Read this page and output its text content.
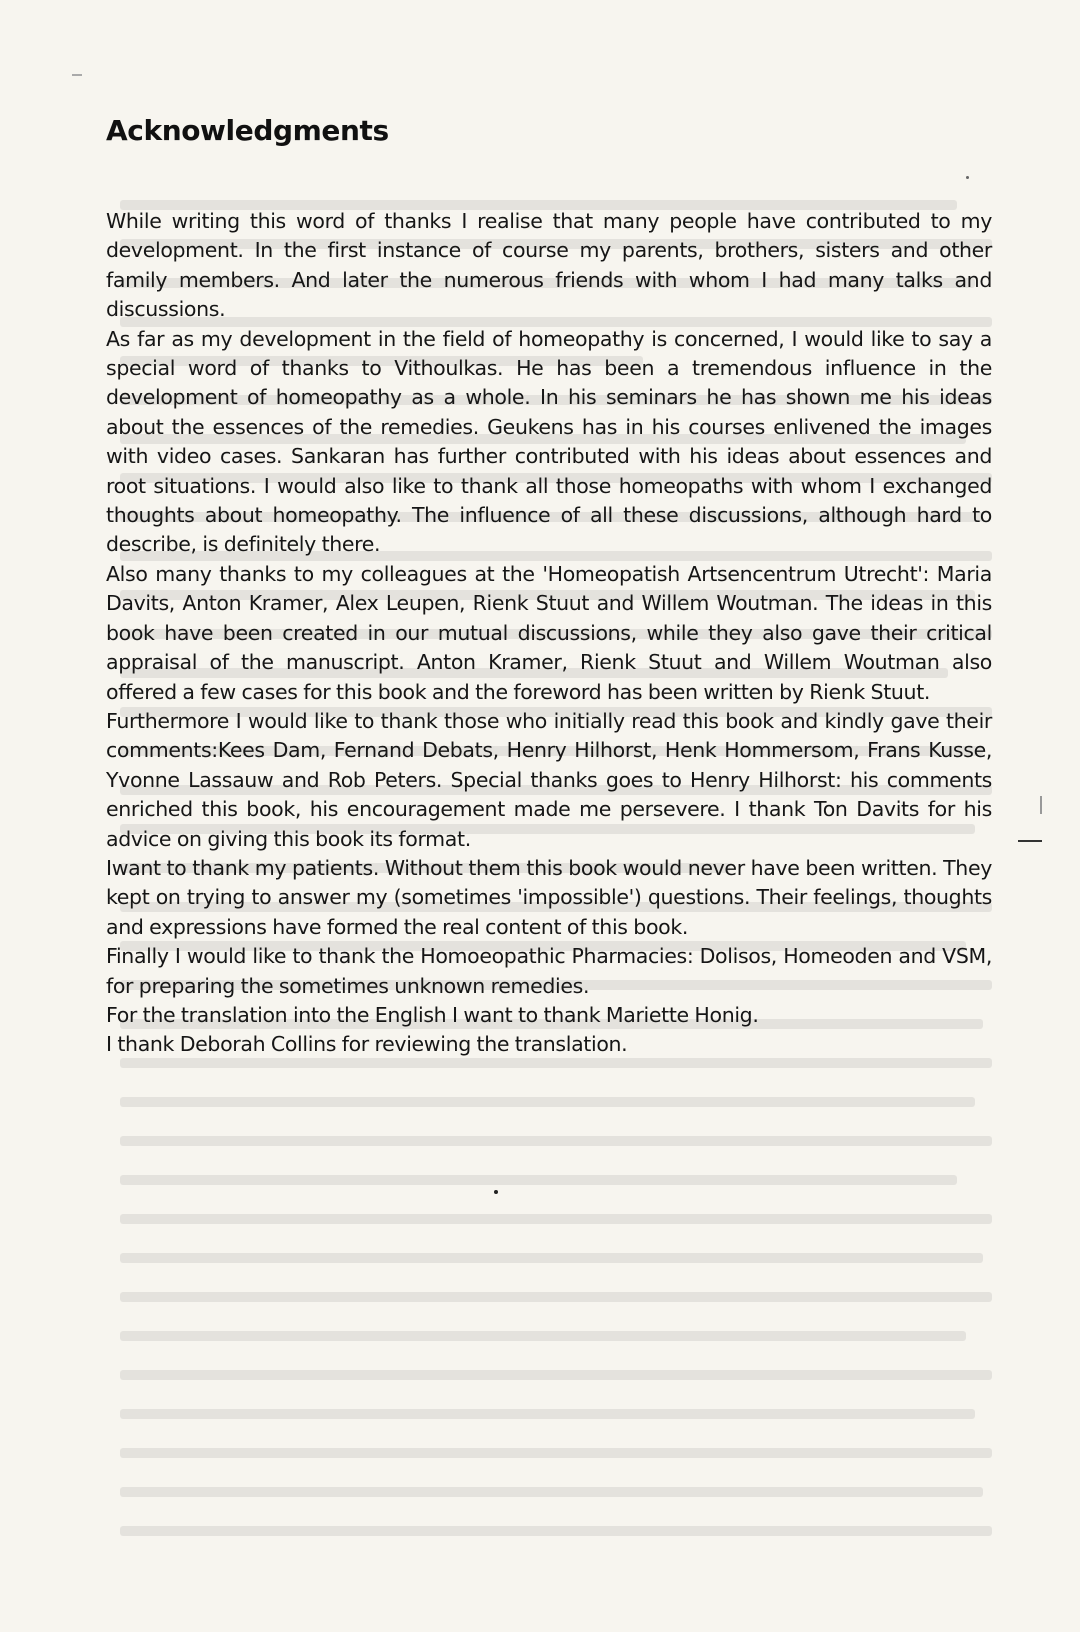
Acknowledgments

While writing this word of thanks I realise that many people have contributed to my development. In the first instance of course my parents, brothers, sisters and other family members. And later the numerous friends with whom I had many talks and discussions.

As far as my development in the field of homeopathy is concerned, I would like to say a special word of thanks to Vithoulkas. He has been a tremendous influence in the development of homeopathy as a whole. In his seminars he has shown me his ideas about the essences of the remedies. Geukens has in his courses enlivened the images with video cases. Sankaran has further contributed with his ideas about essences and root situations. I would also like to thank all those homeopaths with whom I exchanged thoughts about homeopathy. The influence of all these discussions, although hard to describe, is definitely there.

Also many thanks to my colleagues at the 'Homeopatish Artsencentrum Utrecht': Maria Davits, Anton Kramer, Alex Leupen, Rienk Stuut and Willem Woutman. The ideas in this book have been created in our mutual discussions, while they also gave their critical appraisal of the manuscript. Anton Kramer, Rienk Stuut and Willem Woutman also offered a few cases for this book and the foreword has been written by Rienk Stuut.

Furthermore I would like to thank those who initially read this book and kindly gave their comments:Kees Dam, Fernand Debats, Henry Hilhorst, Henk Hommersom, Frans Kusse, Yvonne Lassauw and Rob Peters. Special thanks goes to Henry Hilhorst: his comments enriched this book, his encouragement made me persevere. I thank Ton Davits for his advice on giving this book its format.

Iwant to thank my patients. Without them this book would never have been written. They kept on trying to answer my (sometimes 'impossible') questions. Their feelings, thoughts and expressions have formed the real content of this book.

Finally I would like to thank the Homoeopathic Pharmacies: Dolisos, Homeoden and VSM, for preparing the sometimes unknown remedies.

For the translation into the English I want to thank Mariette Honig.

I thank Deborah Collins for reviewing the translation.
